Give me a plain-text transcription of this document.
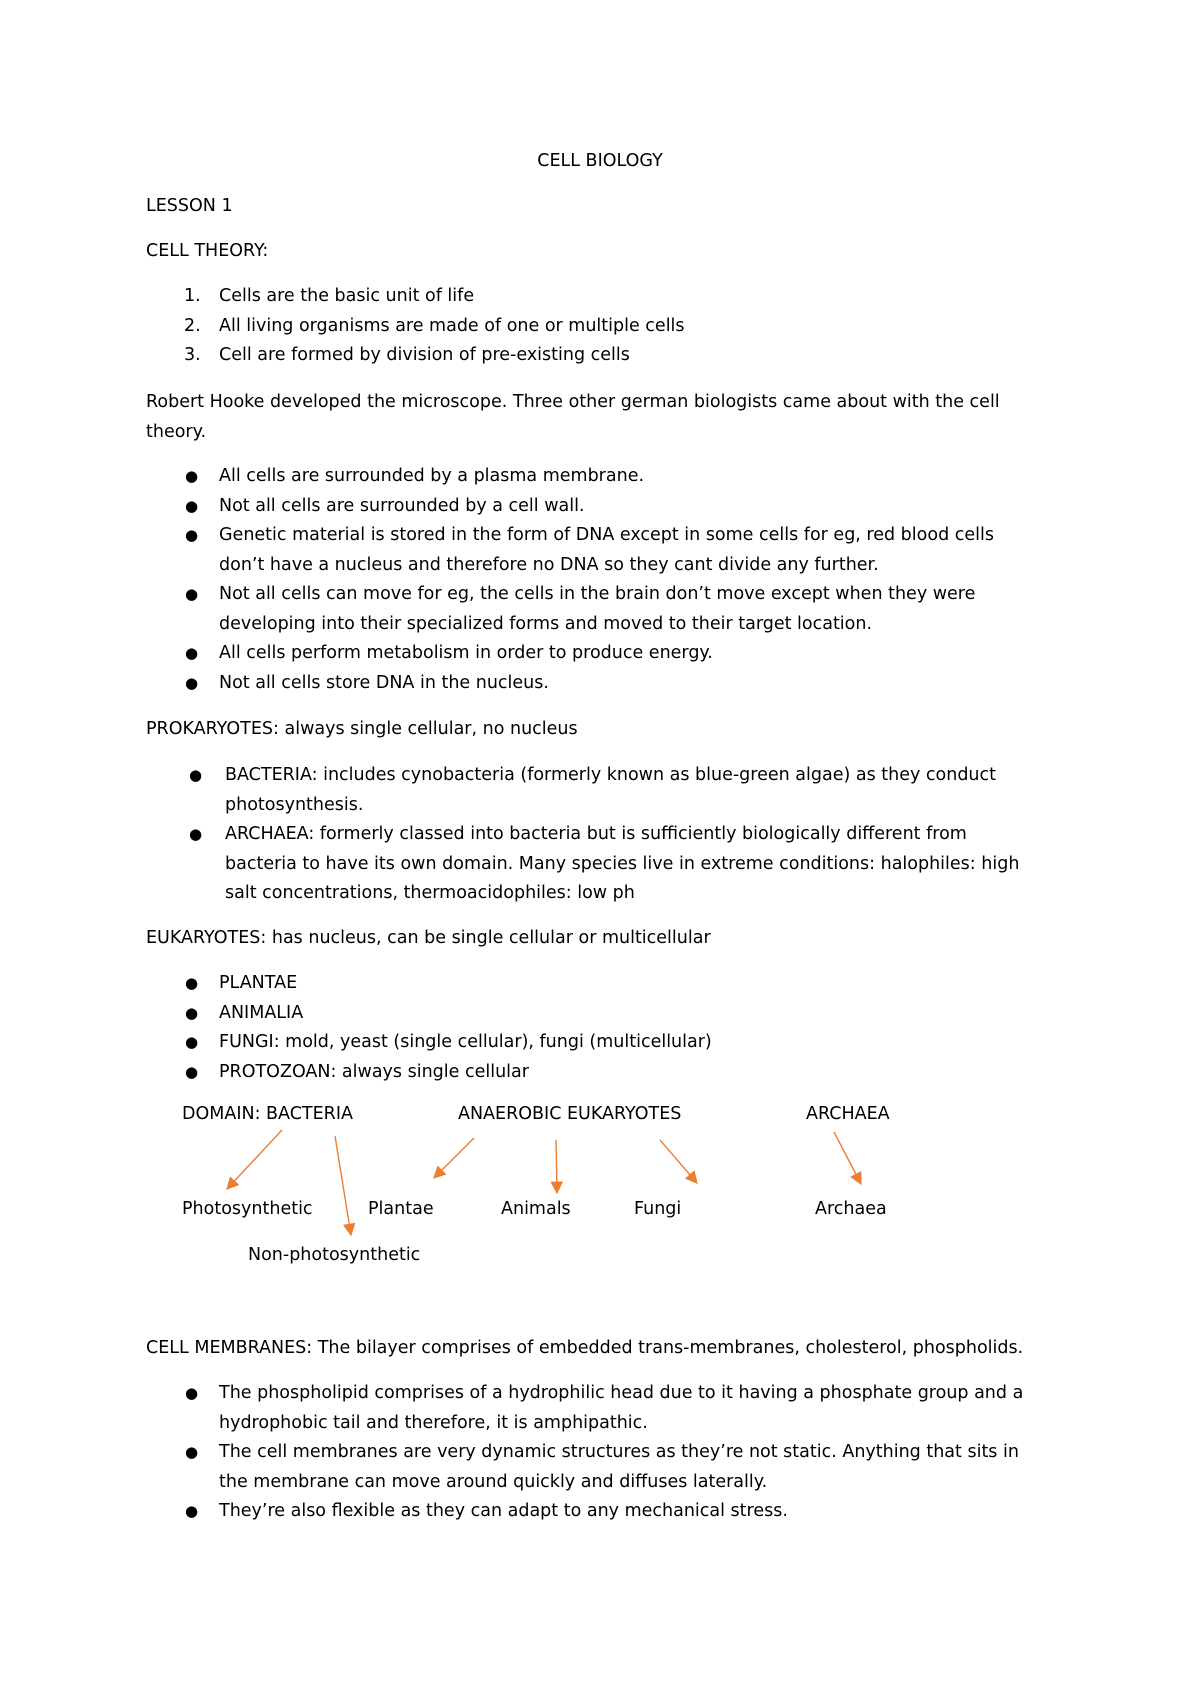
CELL BIOLOGY

LESSON 1

CELL THEORY:

1. Cells are the basic unit of life
2. All living organisms are made of one or multiple cells
3. Cell are formed by division of pre-existing cells

Robert Hooke developed the microscope. Three other german biologists came about with the cell

theory.

● All cells are surrounded by a plasma membrane.
● Not all cells are surrounded by a cell wall.
● Genetic material is stored in the form of DNA except in some cells for eg, red blood cells
don’t have a nucleus and therefore no DNA so they cant divide any further.
● Not all cells can move for eg, the cells in the brain don’t move except when they were
developing into their specialized forms and moved to their target location.
● All cells perform metabolism in order to produce energy.
● Not all cells store DNA in the nucleus.

PROKARYOTES: always single cellular, no nucleus

● BACTERIA: includes cynobacteria (formerly known as blue-green algae) as they conduct
photosynthesis.
● ARCHAEA: formerly classed into bacteria but is sufficiently biologically different from
bacteria to have its own domain. Many species live in extreme conditions: halophiles: high
salt concentrations, thermoacidophiles: low ph

EUKARYOTES: has nucleus, can be single cellular or multicellular

● PLANTAE
● ANIMALIA
● FUNGI: mold, yeast (single cellular), fungi (multicellular)
● PROTOZOAN: always single cellular
DOMAIN: BACTERIA	ANAEROBIC EUKARYOTES	ARCHAEA
Photosynthetic	Plantae	Animals	Fungi	Archaea
Non-photosynthetic

CELL MEMBRANES: The bilayer comprises of embedded trans-membranes, cholesterol, phospholids.

● The phospholipid comprises of a hydrophilic head due to it having a phosphate group and a
hydrophobic tail and therefore, it is amphipathic.
● The cell membranes are very dynamic structures as they’re not static. Anything that sits in
the membrane can move around quickly and diffuses laterally.
● They’re also flexible as they can adapt to any mechanical stress.
